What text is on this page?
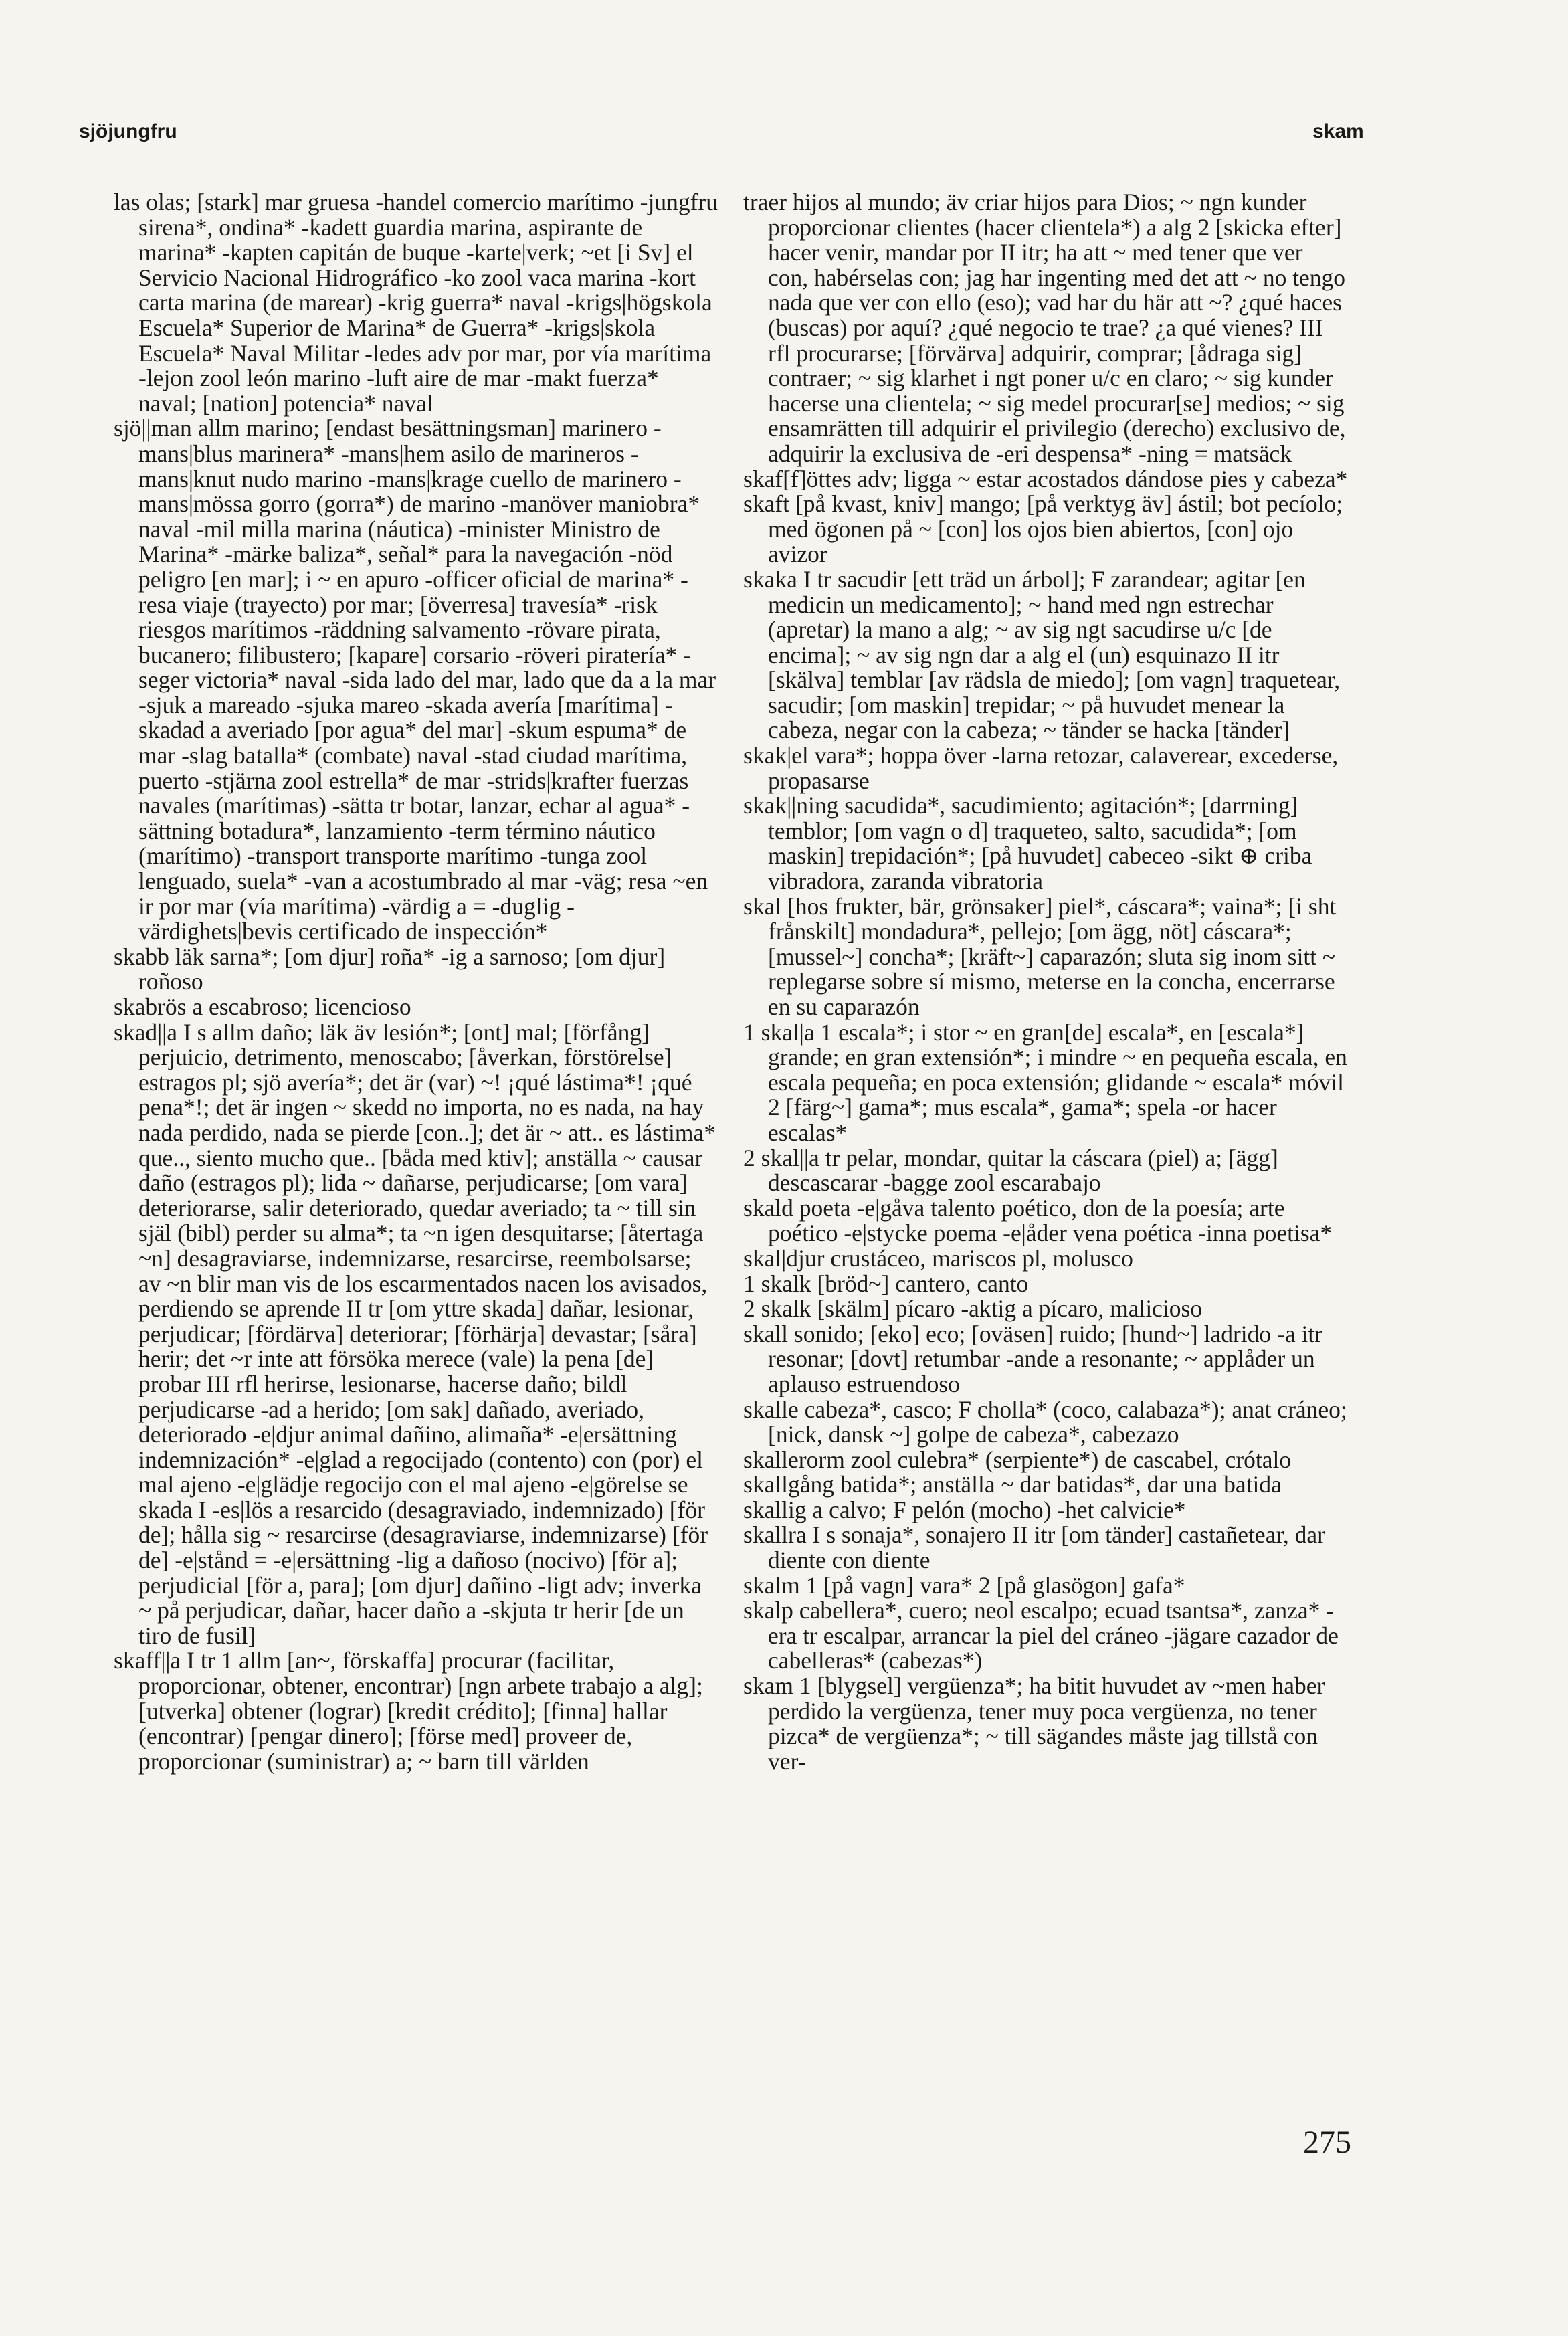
sjöjungfru	skam

las olas; [stark] mar gruesa -handel comercio marítimo -jungfru sirena*, ondina* -kadett guardia marina, aspirante de marina* -kapten capitán de buque -karte|verk; ~et [i Sv] el Servicio Nacional Hidrográfico -ko zool vaca marina -kort carta marina (de marear) -krig guerra* naval -krigs|högskola Escuela* Superior de Marina* de Guerra* -krigs|skola Escuela* Naval Militar -ledes adv por mar, por vía marítima -lejon zool león marino -luft aire de mar -makt fuerza* naval; [nation] potencia* naval

sjö||man allm marino; [endast besättningsman] marinero -mans|blus marinera* -mans|hem asilo de marineros -mans|knut nudo marino -mans|krage cuello de marinero -mans|mössa gorro (gorra*) de marino -manöver maniobra* naval -mil milla marina (náutica) -minister Ministro de Marina* -märke baliza*, señal* para la navegación -nöd peligro [en mar]; i ~ en apuro -officer oficial de marina* -resa viaje (trayecto) por mar; [överresa] travesía* -risk riesgos marítimos -räddning salvamento -rövare pirata, bucanero; filibustero; [kapare] corsario -röveri piratería* -seger victoria* naval -sida lado del mar, lado que da a la mar -sjuk a mareado -sjuka mareo -skada avería [marítima] -skadad a averiado [por agua* del mar] -skum espuma* de mar -slag batalla* (combate) naval -stad ciudad marítima, puerto -stjärna zool estrella* de mar -strids|krafter fuerzas navales (marítimas) -sätta tr botar, lanzar, echar al agua* -sättning botadura*, lanzamiento -term término náutico (marítimo) -transport transporte marítimo -tunga zool lenguado, suela* -van a acostumbrado al mar -väg; resa ~en ir por mar (vía marítima) -värdig a = -duglig -värdighets|bevis certificado de inspección*

skabb läk sarna*; [om djur] roña* -ig a sarnoso; [om djur] roñoso

skabrös a escabroso; licencioso

skad||a I s allm daño; läk äv lesión*; [ont] mal; [förfång] perjuicio, detrimento, menoscabo; [åverkan, förstörelse] estragos pl; sjö avería*; det är (var) ~! ¡qué lástima*! ¡qué pena*!; det är ingen ~ skedd no importa, no es nada, na hay nada perdido, nada se pierde [con..]; det är ~ att.. es lástima* que.., siento mucho que.. [båda med ktiv]; anställa ~ causar daño (estragos pl); lida ~ dañarse, perjudicarse; [om vara] deteriorarse, salir deteriorado, quedar averiado; ta ~ till sin själ (bibl) perder su alma*; ta ~n igen desquitarse; [återtaga ~n] desagraviarse, indemnizarse, resarcirse, reembolsarse; av ~n blir man vis de los escarmentados nacen los avisados, perdiendo se aprende II tr [om yttre skada] dañar, lesionar, perjudicar; [fördärva] deteriorar; [förhärja] devastar; [såra] herir; det ~r inte att försöka merece (vale) la pena [de] probar III rfl herirse, lesionarse, hacerse daño; bildl perjudicarse -ad a herido; [om sak] dañado, averiado, deteriorado -e|djur animal dañino, alimaña* -e|ersättning indemnización* -e|glad a regocijado (contento) con (por) el mal ajeno -e|glädje regocijo con el mal ajeno -e|görelse se skada I -es|lös a resarcido (desagraviado, indemnizado) [för de]; hålla sig ~ resarcirse (desagraviarse, indemnizarse) [för de] -e|stånd = -e|ersättning -lig a dañoso (nocivo) [för a]; perjudicial [för a, para]; [om djur] dañino -ligt adv; inverka ~ på perjudicar, dañar, hacer daño a -skjuta tr herir [de un tiro de fusil]

skaff||a I tr 1 allm [an~, förskaffa] procurar (facilitar, proporcionar, obtener, encontrar) [ngn arbete trabajo a alg]; [utverka] obtener (lograr) [kredit crédito]; [finna] hallar (encontrar) [pengar dinero]; [förse med] proveer de, proporcionar (suministrar) a; ~ barn till världen

traer hijos al mundo; äv criar hijos para Dios; ~ ngn kunder proporcionar clientes (hacer clientela*) a alg 2 [skicka efter] hacer venir, mandar por II itr; ha att ~ med tener que ver con, habérselas con; jag har ingenting med det att ~ no tengo nada que ver con ello (eso); vad har du här att ~? ¿qué haces (buscas) por aquí? ¿qué negocio te trae? ¿a qué vienes? III rfl procurarse; [förvärva] adquirir, comprar; [ådraga sig] contraer; ~ sig klarhet i ngt poner u/c en claro; ~ sig kunder hacerse una clientela; ~ sig medel procurar[se] medios; ~ sig ensamrätten till adquirir el privilegio (derecho) exclusivo de, adquirir la exclusiva de -eri despensa* -ning = matsäck

skaf[f]öttes adv; ligga ~ estar acostados dándose pies y cabeza*

skaft [på kvast, kniv] mango; [på verktyg äv] ástil; bot pecíolo; med ögonen på ~ [con] los ojos bien abiertos, [con] ojo avizor

skaka I tr sacudir [ett träd un árbol]; F zarandear; agitar [en medicin un medicamento]; ~ hand med ngn estrechar (apretar) la mano a alg; ~ av sig ngt sacudirse u/c [de encima]; ~ av sig ngn dar a alg el (un) esquinazo II itr [skälva] temblar [av rädsla de miedo]; [om vagn] traquetear, sacudir; [om maskin] trepidar; ~ på huvudet menear la cabeza, negar con la cabeza; ~ tänder se hacka [tänder]

skak|el vara*; hoppa över -larna retozar, calaverear, excederse, propasarse

skak||ning sacudida*, sacudimiento; agitación*; [darrning] temblor; [om vagn o d] traqueteo, salto, sacudida*; [om maskin] trepidación*; [på huvudet] cabeceo -sikt ⊕ criba vibradora, zaranda vibratoria

skal [hos frukter, bär, grönsaker] piel*, cáscara*; vaina*; [i sht frånskilt] mondadura*, pellejo; [om ägg, nöt] cáscara*; [mussel~] concha*; [kräft~] caparazón; sluta sig inom sitt ~ replegarse sobre sí mismo, meterse en la concha, encerrarse en su caparazón

1 skal|a 1 escala*; i stor ~ en gran[de] escala*, en [escala*] grande; en gran extensión*; i mindre ~ en pequeña escala, en escala pequeña; en poca extensión; glidande ~ escala* móvil 2 [färg~] gama*; mus escala*, gama*; spela -or hacer escalas*

2 skal||a tr pelar, mondar, quitar la cáscara (piel) a; [ägg] descascarar -bagge zool escarabajo

skald poeta -e|gåva talento poético, don de la poesía; arte poético -e|stycke poema -e|åder vena poética -inna poetisa*

skal|djur crustáceo, mariscos pl, molusco

1 skalk [bröd~] cantero, canto

2 skalk [skälm] pícaro -aktig a pícaro, malicioso

skall sonido; [eko] eco; [oväsen] ruido; [hund~] ladrido -a itr resonar; [dovt] retumbar -ande a resonante; ~ applåder un aplauso estruendoso

skalle cabeza*, casco; F cholla* (coco, calabaza*); anat cráneo; [nick, dansk ~] golpe de cabeza*, cabezazo

skallerorm zool culebra* (serpiente*) de cascabel, crótalo

skallgång batida*; anställa ~ dar batidas*, dar una batida

skallig a calvo; F pelón (mocho) -het calvicie*

skallra I s sonaja*, sonajero II itr [om tänder] castañetear, dar diente con diente

skalm 1 [på vagn] vara* 2 [på glasögon] gafa*

skalp cabellera*, cuero; neol escalpo; ecuad tsantsa*, zanza* -era tr escalpar, arrancar la piel del cráneo -jägare cazador de cabelleras* (cabezas*)

skam 1 [blygsel] vergüenza*; ha bitit huvudet av ~men haber perdido la vergüenza, tener muy poca vergüenza, no tener pizca* de vergüenza*; ~ till sägandes måste jag tillstå con ver-

275
